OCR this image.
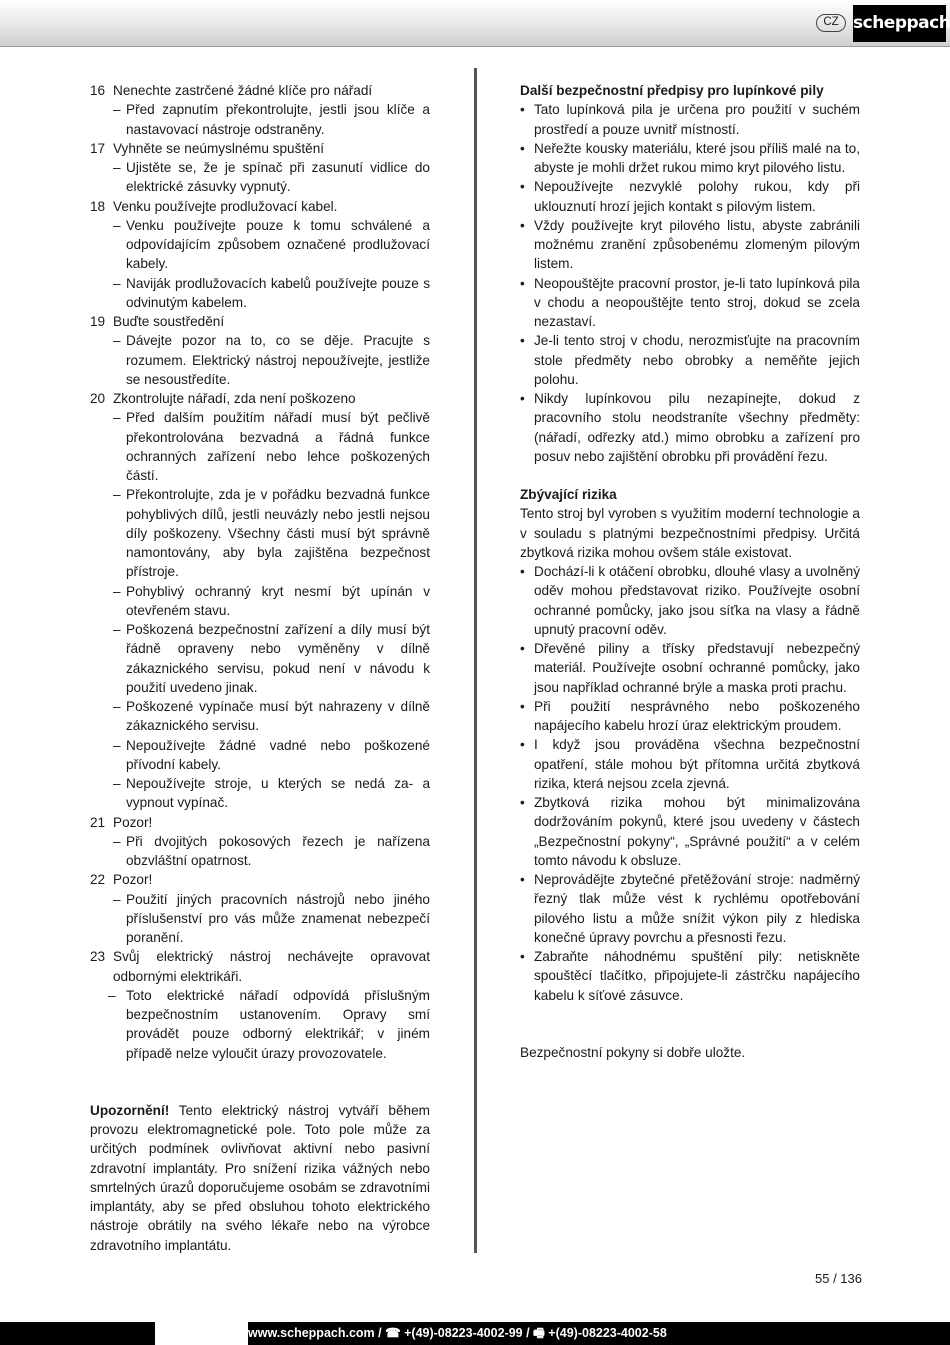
CZ scheppach
16 Nenechte zastrčené žádné klíče pro nářadí
– Před zapnutím překontrolujte, jestli jsou klíče a nastavovací nástroje odstraněny.
17 Vyhněte se neúmyslnému spuštění
– Ujistěte se, že je spínač při zasunutí vidlice do elektrické zásuvky vypnutý.
18 Venku používejte prodlužovací kabel.
– Venku používejte pouze k tomu schválené a odpovídajícím způsobem označené prodlužovací kabely.
– Naviják prodlužovacích kabelů používejte pouze s odvinutým kabelem.
19 Buďte soustředění
– Dávejte pozor na to, co se děje. Pracujte s rozumem. Elektrický nástroj nepoužívejte, jestliže se nesoustředíte.
20 Zkontrolujte nářadí, zda není poškozeno
– Před dalším použitím nářadí musí být pečlivě překontrolována bezvadná a řádná funkce ochranných zařízení nebo lehce poškozených částí.
– Překontrolujte, zda je v pořádku bezvadná funkce pohyblivých dílů, jestli neuvázly nebo jestli nejsou díly poškozeny. Všechny části musí být správně namontovány, aby byla zajištěna bezpečnost přístroje.
– Pohyblivý ochranný kryt nesmí být upínán v otevřeném stavu.
– Poškozená bezpečnostní zařízení a díly musí být řádně opraveny nebo vyměněny v dílně zákaznického servisu, pokud není v návodu k použití uvedeno jinak.
– Poškozené vypínače musí být nahrazeny v dílně zákaznického servisu.
– Nepoužívejte žádné vadné nebo poškozené přívodní kabely.
– Nepoužívejte stroje, u kterých se nedá za- a vypnout vypínač.
21 Pozor!
– Při dvojitých pokosových řezech je nařízena obzvláštní opatrnost.
22 Pozor!
– Použití jiných pracovních nástrojů nebo jiného příslušenství pro vás může znamenat nebezpečí poranění.
23 Svůj elektrický nástroj nechávejte opravovat odbornými elektrikáři.
– Toto elektrické nářadí odpovídá příslušným bezpečnostním ustanovením. Opravy smí provádět pouze odborný elektrikář; v jiném případě nelze vyloučit úrazy provozovatele.
Upozornění! Tento elektrický nástroj vytváří během provozu elektromagnetické pole. Toto pole může za určitých podmínek ovlivňovat aktivní nebo pasivní zdravotní implantáty. Pro snížení rizika vážných nebo smrtelných úrazů doporučujeme osobám se zdravotními implantáty, aby se před obsluhou tohoto elektrického nástroje obrátily na svého lékaře nebo na výrobce zdravotního implantátu.
Další bezpečnostní předpisy pro lupínkové pily
• Tato lupínková pila je určena pro použití v suchém prostředí a pouze uvnitř místností.
• Neřežte kousky materiálu, které jsou příliš malé na to, abyste je mohli držet rukou mimo kryt pilového listu.
• Nepoužívejte nezvyklé polohy rukou, kdy při uklouznutí hrozí jejich kontakt s pilovým listem.
• Vždy používejte kryt pilového listu, abyste zabránili možnému zranění způsobenému zlomeným pilovým listem.
• Neopouštějte pracovní prostor, je-li tato lupínková pila v chodu a neopouštějte tento stroj, dokud se zcela nezastaví.
• Je-li tento stroj v chodu, nerozmisťujte na pracovním stole předměty nebo obrobky a neměňte jejich polohu.
• Nikdy lupínkovou pilu nezapínejte, dokud z pracovního stolu neodstraníte všechny předměty: (nářadí, odřezky atd.) mimo obrobku a zařízení pro posuv nebo zajištění obrobku při provádění řezu.
Zbývající rizika
Tento stroj byl vyroben s využitím moderní technologie a v souladu s platnými bezpečnostními předpisy. Určitá zbytková rizika mohou ovšem stále existovat.
• Dochází-li k otáčení obrobku, dlouhé vlasy a uvolněný oděv mohou představovat riziko. Používejte osobní ochranné pomůcky, jako jsou síťka na vlasy a řádně upnutý pracovní oděv.
• Dřevěné piliny a třísky představují nebezpečný materiál. Používejte osobní ochranné pomůcky, jako jsou například ochranné brýle a maska proti prachu.
• Při použití nesprávného nebo poškozeného napájecího kabelu hrozí úraz elektrickým proudem.
• I když jsou prováděna všechna bezpečnostní opatření, stále mohou být přítomna určitá zbytková rizika, která nejsou zcela zjevná.
• Zbytková rizika mohou být minimalizována dodržováním pokynů, které jsou uvedeny v částech „Bezpečnostní pokyny“, „Správné použití“ a v celém tomto návodu k obsluze.
• Neprovádějte zbytečné přetěžování stroje: nadměrný řezný tlak může vést k rychlému opotřebování pilového listu a může snížit výkon pily z hlediska konečné úpravy povrchu a přesnosti řezu.
• Zabraňte náhodnému spuštění pily: netiskněte spouštěcí tlačítko, připojujete-li zástrčku napájecího kabelu k síťové zásuvce.
Bezpečnostní pokyny si dobře uložte.
55 / 136
www.scheppach.com / ☎ +(49)-08223-4002-99 / 🖷 +(49)-08223-4002-58
